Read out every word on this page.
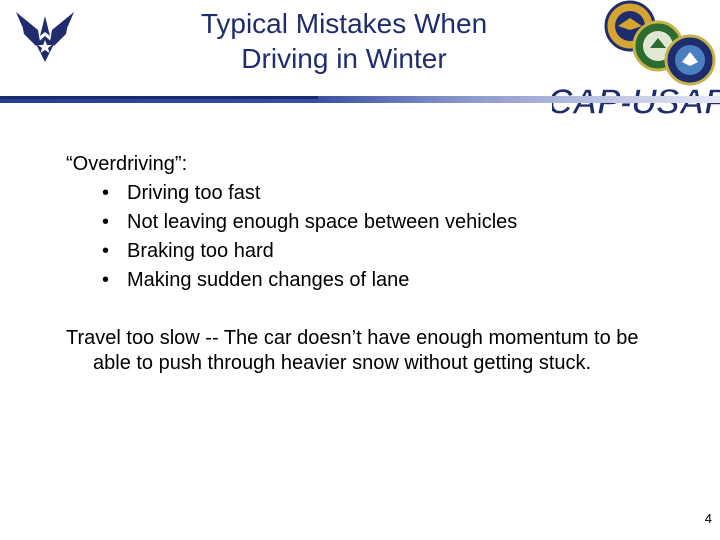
Typical Mistakes When
Driving in Winter

“Overdriving”:

• Driving too fast
• Not leaving enough space between vehicles
• Braking too hard
• Making sudden changes of lane
Travel too slow -- The car doesn’t have enough momentum to be able to push through heavier snow without getting stuck.
4
